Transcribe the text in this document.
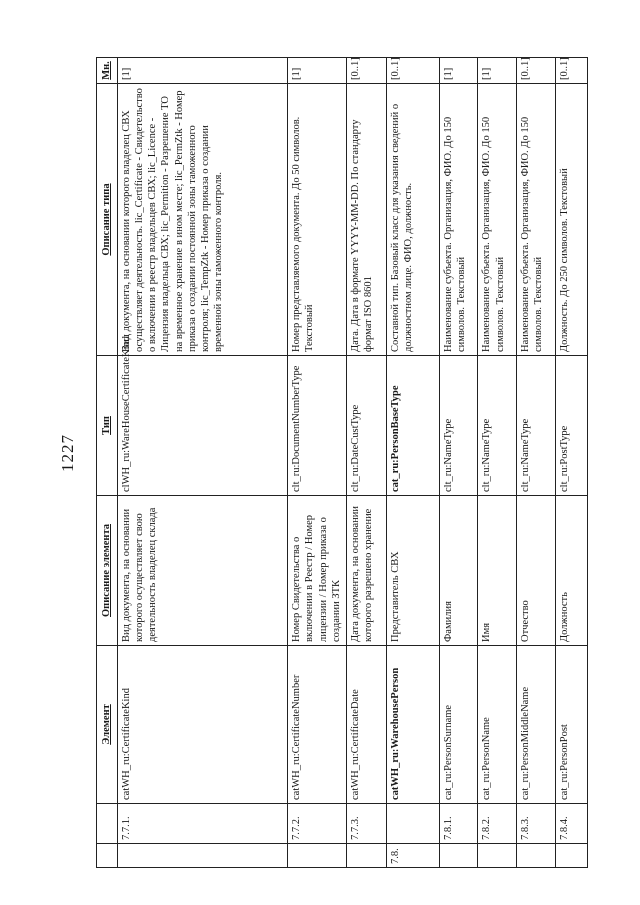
1227
		Элемент	Описание элемента	Тип	Описание типа	Мн.
	7.7.1.	catWH_ru:CertificateKind	Вид документа, на основании которого осуществляет свою деятельность владелец склада	clWH_ru:WareHouseCertificateKind	Вид документа, на основании которого владелец СВХ осуществляет деятельность. lic_Certificate - Свидетельство о включении в реестр владельцев СВХ; lic_Licence - Лицензия владельца СВХ; lic_Permition - Разрешение ТО на временное хранение в ином месте; lic_PermZtk - Номер приказа о создании постоянной зоны таможенного контроля; lic_TempZtk - Номер приказа о создании временной зоны таможенного контроля.	[1]
	7.7.2.	catWH_ru:CertificateNumber	Номер Свидетельства о включении в Реестр / Номер лицензии / Номер приказа о создании ЗТК	clt_ru:DocumentNumberType	Номер представляемого документа. До 50 символов. Текстовый	[1]
	7.7.3.	catWH_ru:CertificateDate	Дата документа, на основании которого разрешено хранение	clt_ru:DateCustType	Дата. Дата в формате YYYY-MM-DD. По стандарту формат ISO 8601	[0..1]
7.8.		catWH_ru:WarehousePerson	Представитель СВХ	cat_ru:PersonBaseType	Составной тип. Базовый класс для указания сведений о должностном лице. ФИО, должность.	[0..1]
	7.8.1.	cat_ru:PersonSurname	Фамилия	clt_ru:NameType	Наименование субъекта. Организация, ФИО. До 150 символов. Текстовый	[1]
	7.8.2.	cat_ru:PersonName	Имя	clt_ru:NameType	Наименование субъекта. Организация, ФИО. До 150 символов. Текстовый	[1]
	7.8.3.	cat_ru:PersonMiddleName	Отчество	clt_ru:NameType	Наименование субъекта. Организация, ФИО. До 150 символов. Текстовый	[0..1]
	7.8.4.	cat_ru:PersonPost	Должность	clt_ru:PostType	Должность. До 250 символов. Текстовый	[0..1]
